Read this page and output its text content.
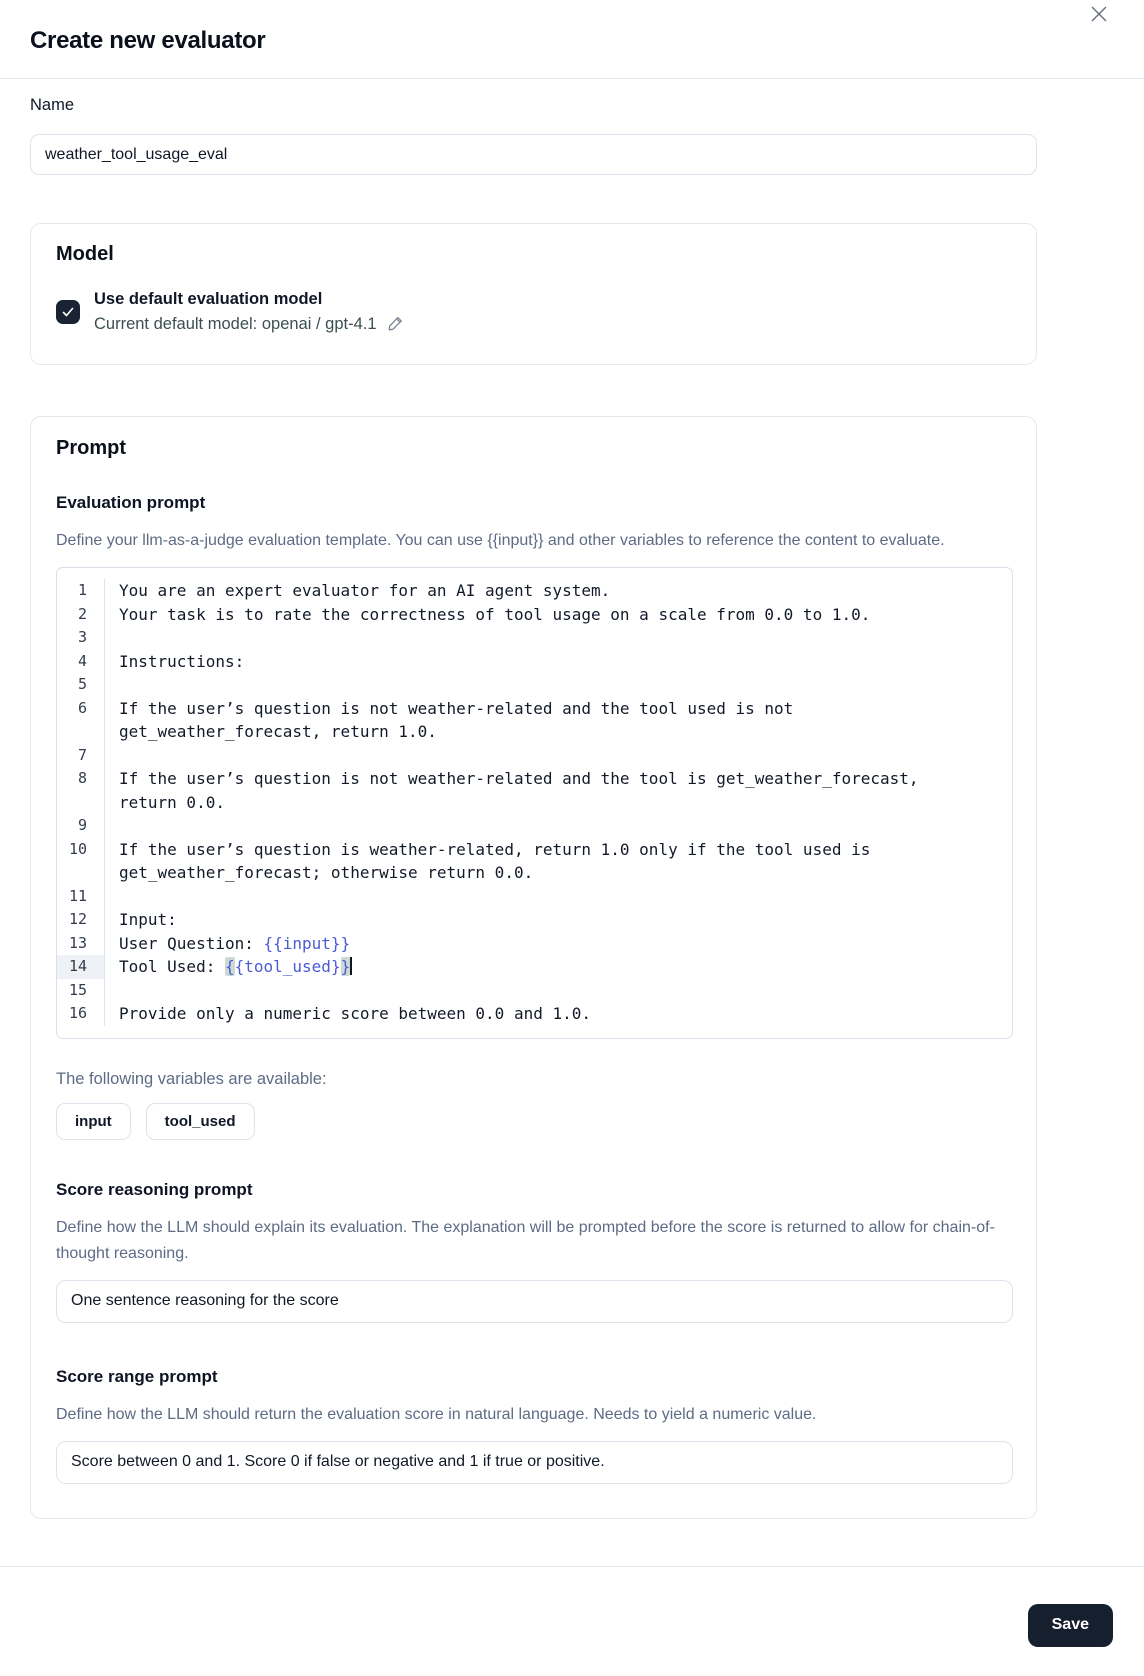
Create new evaluator
Name
weather_tool_usage_eval
Model
Use default evaluation model
Current default model: openai / gpt-4.1
Prompt
Evaluation prompt

Define your llm-as-a-judge evaluation template. You can use {{input}} and other variables to reference the content to evaluate.

1	You are an expert evaluator for an AI agent system.
2	Your task is to rate the correctness of tool usage on a scale from 0.0 to 1.0.
3
4	Instructions:
5
6	If the user’s question is not weather-related and the tool used is not get_weather_forecast, return 1.0.
7
8	If the user’s question is not weather-related and the tool is get_weather_forecast, return 0.0.
9
10	If the user’s question is weather-related, return 1.0 only if the tool used is get_weather_forecast; otherwise return 0.0.
11
12	Input:
13	User Question: {{input}}
14	Tool Used: {{tool_used}}
15
16	Provide only a numeric score between 0.0 and 1.0.
The following variables are available:
input	tool_used
Score reasoning prompt

Define how the LLM should explain its evaluation. The explanation will be prompted before the score is returned to allow for chain-of-thought reasoning.

One sentence reasoning for the score
Score range prompt

Define how the LLM should return the evaluation score in natural language. Needs to yield a numeric value.

Score between 0 and 1. Score 0 if false or negative and 1 if true or positive.
Save
